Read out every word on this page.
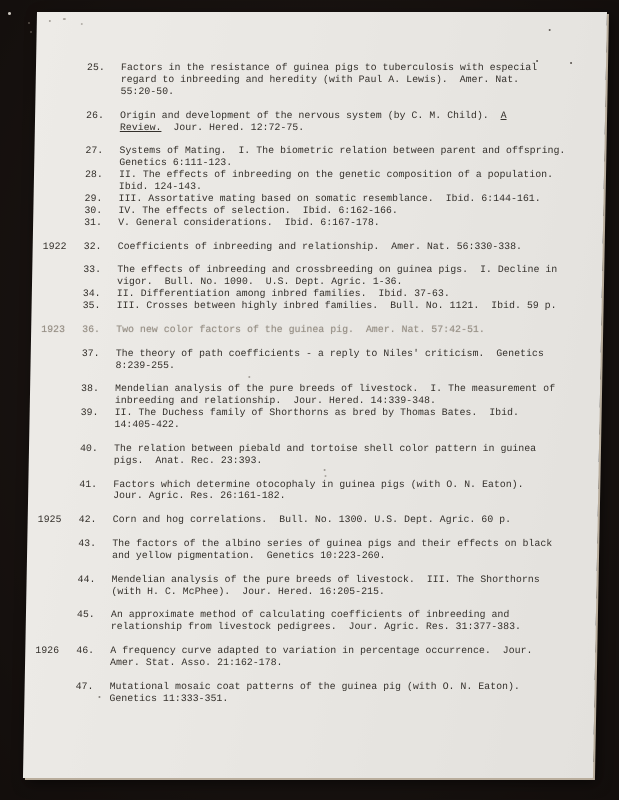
25. Factors in the resistance of guinea pigs to tuberculosis with especial
regard to inbreeding and heredity (with Paul A. Lewis).  Amer. Nat.
55:20-50.
26. Origin and development of the nervous system (by C. M. Child).  A
Review.  Jour. Hered. 12:72-75.
27. Systems of Mating.  I. The biometric relation between parent and offspring.
Genetics 6:111-123.
28. II. The effects of inbreeding on the genetic composition of a population.
Ibid. 124-143.
29. III. Assortative mating based on somatic resemblance.  Ibid. 6:144-161.
30. IV. The effects of selection.  Ibid. 6:162-166.
31. V. General considerations.  Ibid. 6:167-178.
1922 32. Coefficients of inbreeding and relationship.  Amer. Nat. 56:330-338.
33. The effects of inbreeding and crossbreeding on guinea pigs.  I. Decline in
vigor.  Bull. No. 1090.  U.S. Dept. Agric. 1-36.
34. II. Differentiation among inbred families.  Ibid. 37-63.
35. III. Crosses between highly inbred families.  Bull. No. 1121.  Ibid. 59 p.
1923 36. Two new color factors of the guinea pig.  Amer. Nat. 57:42-51.
37. The theory of path coefficients - a reply to Niles' criticism.  Genetics
8:239-255.
38. Mendelian analysis of the pure breeds of livestock.  I. The measurement of
inbreeding and relationship.  Jour. Hered. 14:339-348.
39. II. The Duchess family of Shorthorns as bred by Thomas Bates.  Ibid.
14:405-422.
40. The relation between piebald and tortoise shell color pattern in guinea
pigs.  Anat. Rec. 23:393.
41. Factors which determine otocophaly in guinea pigs (with O. N. Eaton).
Jour. Agric. Res. 26:161-182.
1925 42. Corn and hog correlations.  Bull. No. 1300. U.S. Dept. Agric. 60 p.
43. The factors of the albino series of guinea pigs and their effects on black
and yellow pigmentation.  Genetics 10:223-260.
44. Mendelian analysis of the pure breeds of livestock.  III. The Shorthorns
(with H. C. McPhee).  Jour. Hered. 16:205-215.
45. An approximate method of calculating coefficients of inbreeding and
relationship from livestock pedigrees.  Jour. Agric. Res. 31:377-383.
1926 46. A frequency curve adapted to variation in percentage occurrence.  Jour.
Amer. Stat. Asso. 21:162-178.
47. Mutational mosaic coat patterns of the guinea pig (with O. N. Eaton).
Genetics 11:333-351.
